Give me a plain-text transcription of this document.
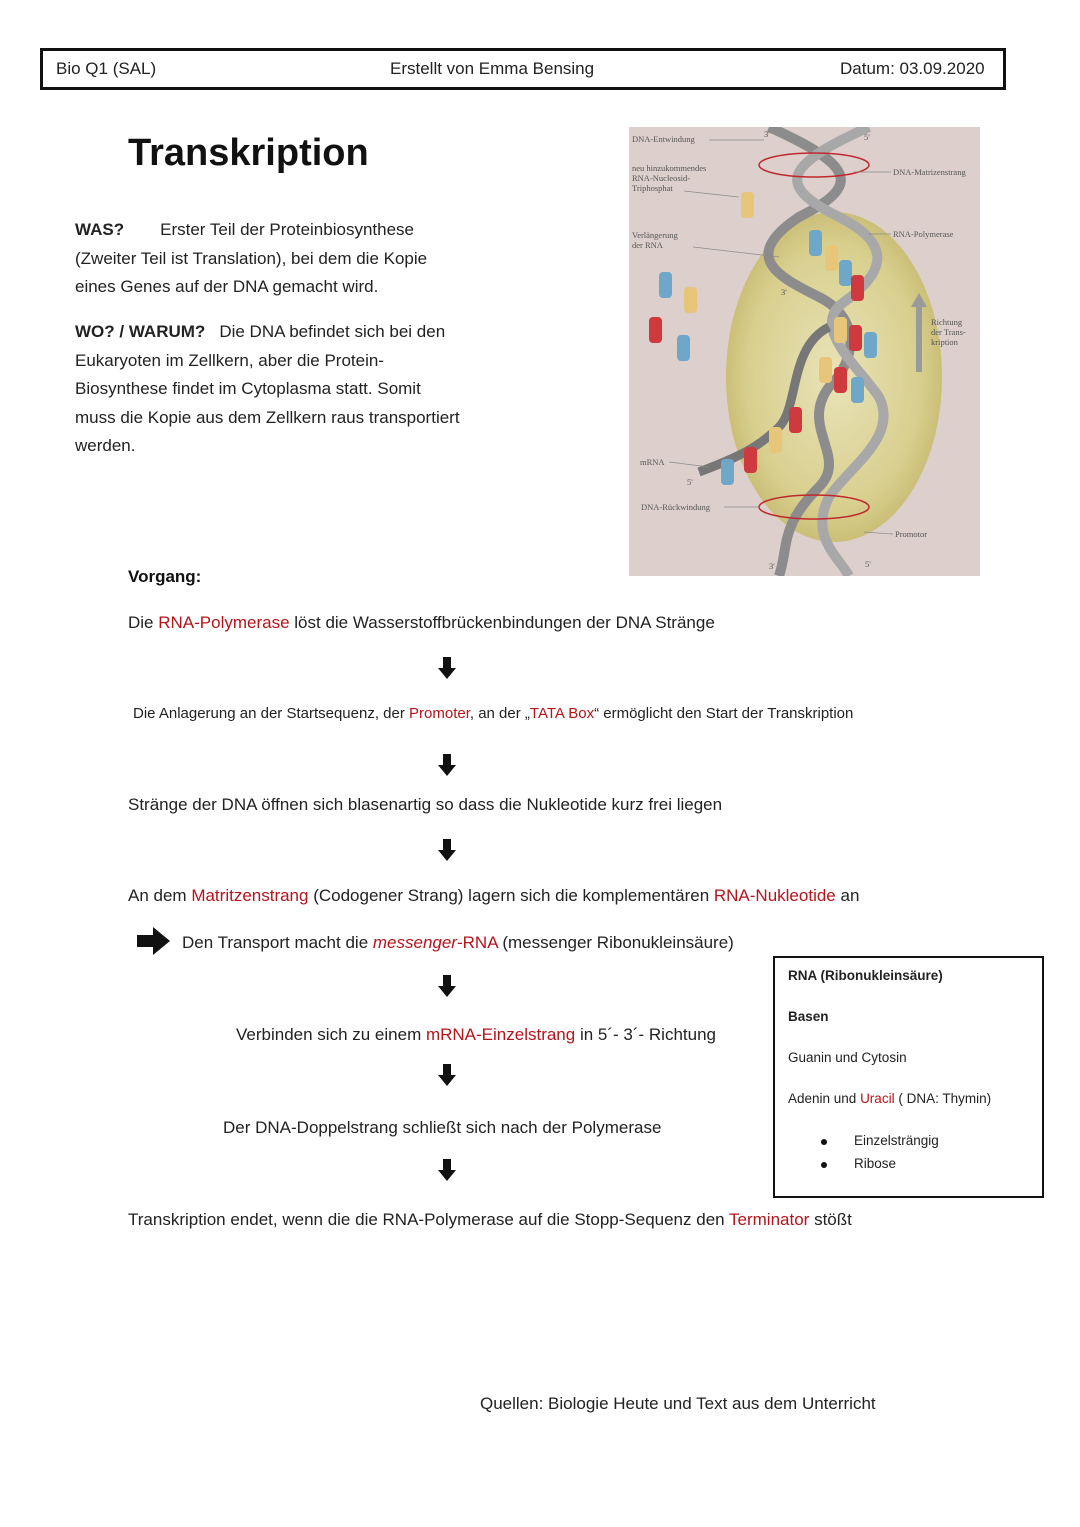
Bio Q1 (SAL)	Erstellt von Emma Bensing	Datum: 03.09.2020
Transkription
WAS? Erster Teil der Proteinbiosynthese
(Zweiter Teil ist Translation), bei dem die Kopie
eines Genes auf der DNA gemacht wird.
WO? / WARUM? Die DNA befindet sich bei den
Eukaryoten im Zellkern, aber die Protein-
Biosynthese findet im Cytoplasma statt. Somit
muss die Kopie aus dem Zellkern raus transportiert
werden.
DNA-Entwindung
neu hinzukommendes
RNA-Nucleosid-
Triphosphat
Verlängerung
der RNA
mRNA
DNA-Rückwindung
DNA-Matrizenstrang
RNA-Polymerase
Richtung
der Trans-
kription
Promotor
3'	5'
3'
5'
3'	5'
Vorgang:
Die RNA-Polymerase löst die Wasserstoffbrückenbindungen der DNA Stränge
Die Anlagerung an der Startsequenz, der Promoter, an der „TATA Box“ ermöglicht den Start der Transkription
Stränge der DNA öffnen sich blasenartig so dass die Nukleotide kurz frei liegen
An dem Matritzenstrang (Codogener Strang) lagern sich die komplementären RNA-Nukleotide an
Den Transport macht die messenger-RNA (messenger Ribonukleinsäure)
Verbinden sich zu einem mRNA-Einzelstrang in 5´- 3´- Richtung
Der DNA-Doppelstrang schließt sich nach der Polymerase
Transkription endet, wenn die die RNA-Polymerase auf die Stopp-Sequenz den Terminator stößt
RNA (Ribonukleinsäure)
Basen
Guanin und Cytosin
Adenin und Uracil ( DNA: Thymin)
Einzelsträngig
Ribose
Quellen: Biologie Heute und Text aus dem Unterricht
